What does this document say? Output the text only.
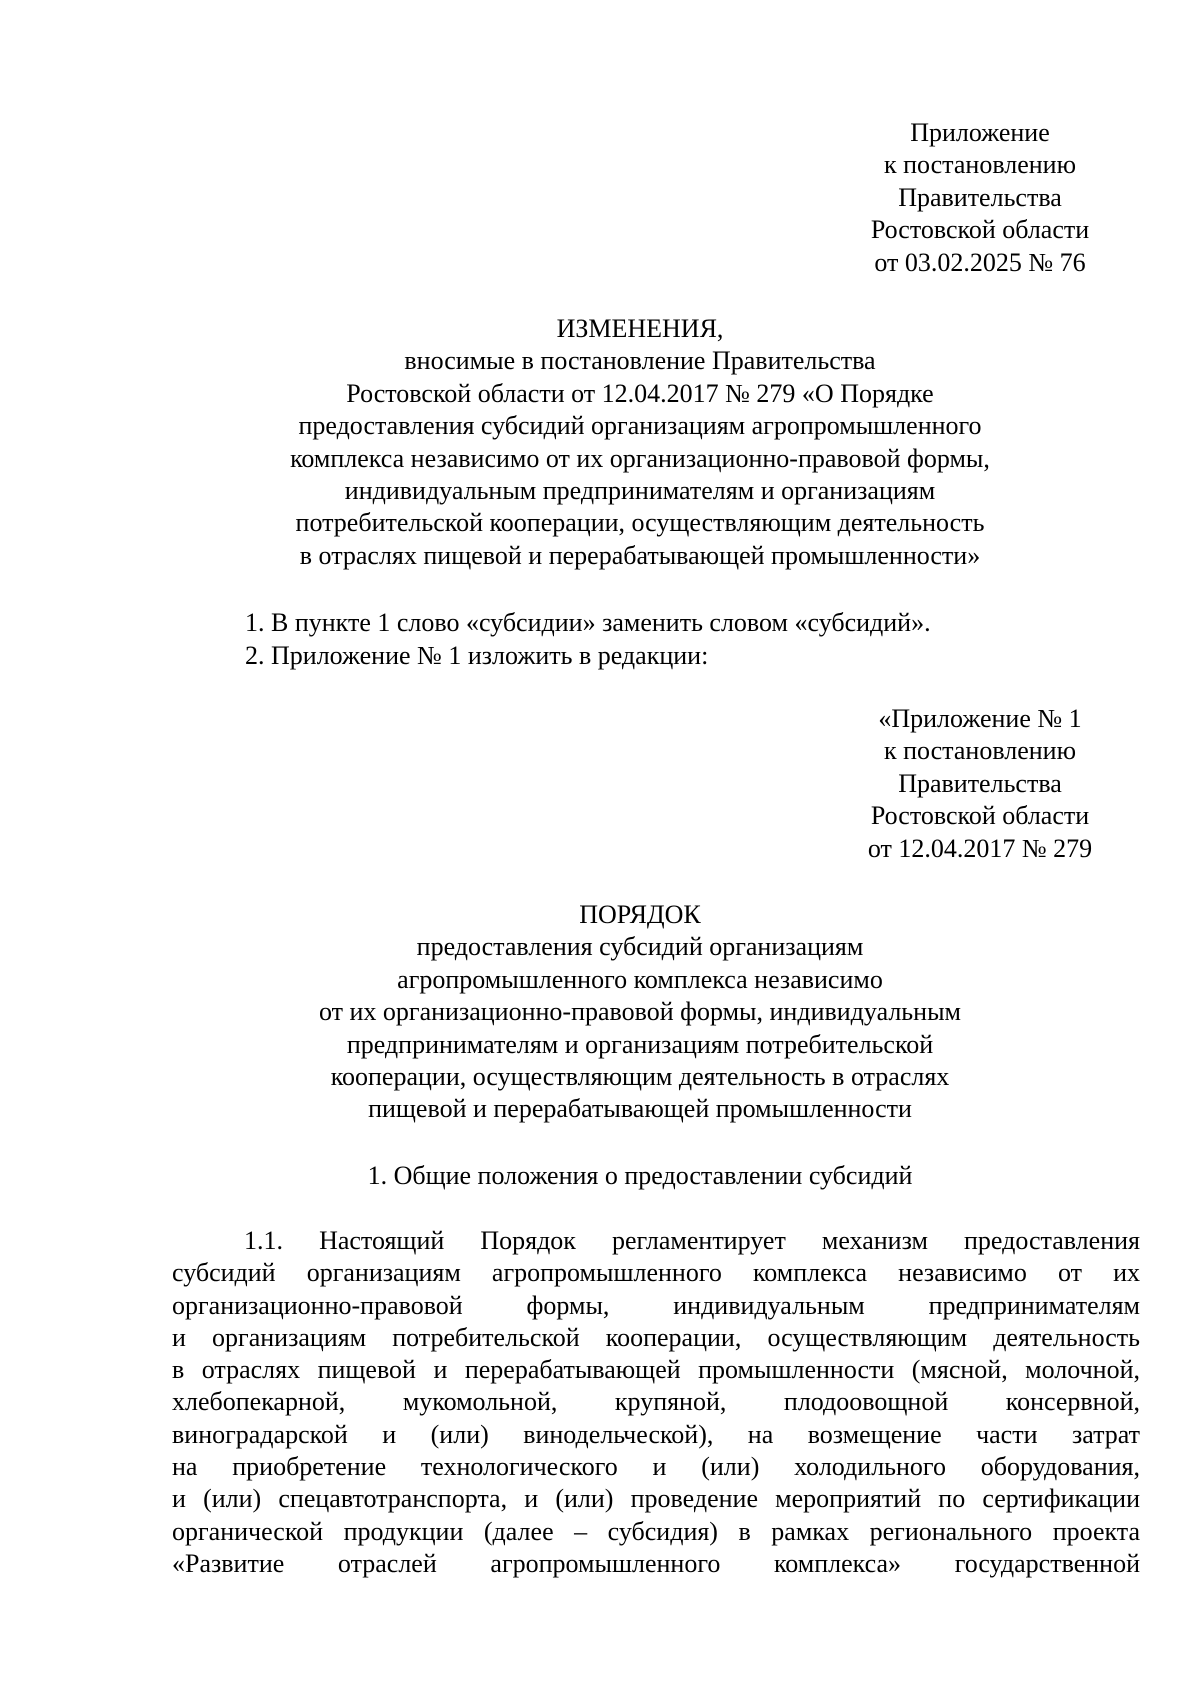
Приложение
к постановлению
Правительства
Ростовской области
от 03.02.2025 № 76
ИЗМЕНЕНИЯ,
вносимые в постановление Правительства
Ростовской области от 12.04.2017 № 279 «О Порядке
предоставления субсидий организациям агропромышленного
комплекса независимо от их организационно-правовой формы,
индивидуальным предпринимателям и организациям
потребительской кооперации, осуществляющим деятельность
в отраслях пищевой и перерабатывающей промышленности»
1. В пункте 1 слово «субсидии» заменить словом «субсидий».
2. Приложение № 1 изложить в редакции:
«Приложение № 1
к постановлению
Правительства
Ростовской области
от 12.04.2017 № 279
ПОРЯДОК
предоставления субсидий организациям
агропромышленного комплекса независимо
от их организационно-правовой формы, индивидуальным
предпринимателям и организациям потребительской
кооперации, осуществляющим деятельность в отраслях
пищевой и перерабатывающей промышленности
1. Общие положения о предоставлении субсидий
1.1. Настоящий Порядок регламентирует механизм предоставления
субсидий организациям агропромышленного комплекса независимо от их
организационно-правовой формы, индивидуальным предпринимателям
и организациям потребительской кооперации, осуществляющим деятельность
в отраслях пищевой и перерабатывающей промышленности (мясной, молочной,
хлебопекарной, мукомольной, крупяной, плодоовощной консервной,
виноградарской и (или) винодельческой), на возмещение части затрат
на приобретение технологического и (или) холодильного оборудования,
и (или) спецавтотранспорта, и (или) проведение мероприятий по сертификации
органической продукции (далее – субсидия) в рамках регионального проекта
«Развитие отраслей агропромышленного комплекса» государственной
